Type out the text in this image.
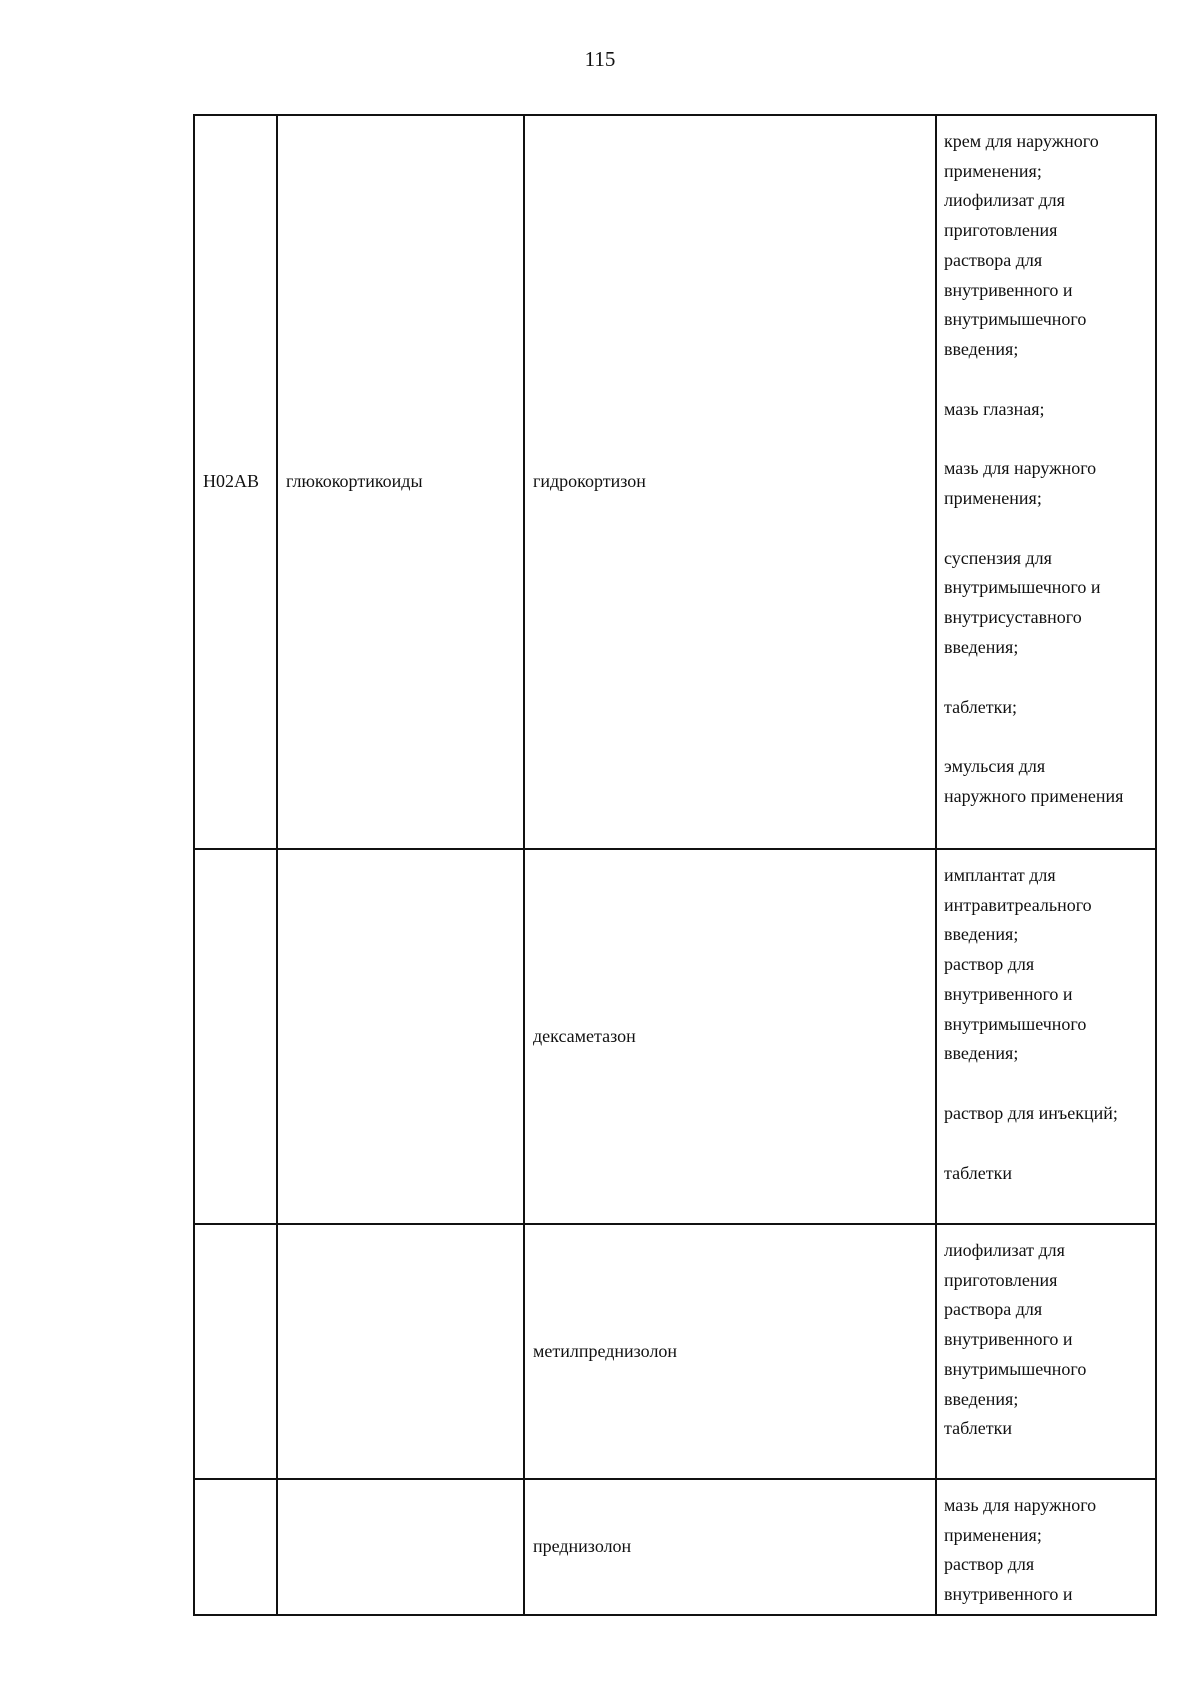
115
H02AB глюкокортикоиды	гидрокортизон
крем для наружного
применения;
лиофилизат для
приготовления
раствора для
внутривенного и
внутримышечного
введения;
мазь глазная;
мазь для наружного
применения;
суспензия для
внутримышечного и
внутрисуставного
введения;
таблетки;
эмульсия для
наружного применения
дексаметазон
имплантат для
интравитреального
введения;
раствор для
внутривенного и
внутримышечного
введения;
раствор для инъекций;
таблетки
метилпреднизолон
лиофилизат для
приготовления
раствора для
внутривенного и
внутримышечного
введения;
таблетки
преднизолон
мазь для наружного
применения;
раствор для
внутривенного и
